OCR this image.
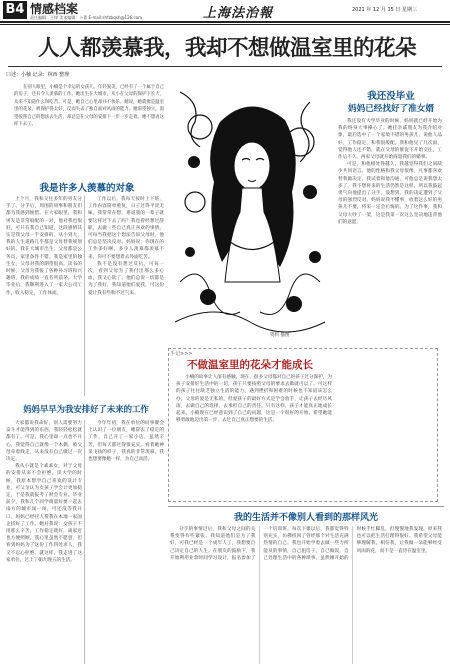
B4 情感档案
责任编辑：王律 美术编辑：卜菁 E-mail:shfzbqxh@126.com	上海法治報	2021 年 12 月 15 日 星期三
人人都羡慕我，我却不想做温室里的花朵
口述：小楠 记录：林西 整理

在别人眼里，小楠是个幸运的女孩儿。年轻貌美，已经有了一个属于自己的房子，还有令人羡慕的工作。她出生在大城市，从小在父母的保护下长大，从来不知道什么叫吃苦。可是，她自己心里却并不快乐。她说，她就像是温室里的花朵，被保护得太好，反而失去了独自面对风雨的能力。她渴望独立，渴望按照自己的想法去生活，却总是在父母的安排下一步一步走着。她不想再这样下去了。

我是许多人羡慕的对象

上个月，我和交往多年的男友分手了。分手后，周围的同事和朋友们都为我感到惋惜。在大家眼里，我和男友是非常般配的一对，他对我也很好，可只有我自己知道，这段感情其实是我父母一手安排的。从小到大，我的人生道路几乎都是父母替我规划好的。我在大城市出生，父母都是公务员，家里条件不错。我是家里的独生女，父母对我的期望很高。读书的时候，父母为我报了各种补习班和兴趣班，我的成绩一直名列前茅。大学毕业后，我顺利进入了一家大公司工作，收入稳定，工作体面。

工作以后，我每天按时上下班，工作内容简单重复，日子过得平淡无味。我常常在想，难道我的一辈子就要这样过下去了吗？我也曾经想过辞职，去做一些自己真正喜欢的事情，可每当我把这个想法告诉父母时，他们总是坚决反对。妈妈说：你现在的工作多好啊，多少人羡慕都羡慕不来，你可不要想着去外面吃苦。

我不是没有想过反抗，可每一次，看到父母为了我付出那么多心血，我又心软了。他们总说一切都是为了我好，我知道他们爱我，可这份爱让我有些喘不过气来。

妈妈早早为我安排好了未来的工作

大家都说我命好，别人需要努力奋斗才能得到的东西，我轻轻松松就都有了。可是，我心里却一点也不开心。我觉得自己就像一个木偶，被父母牵着线走，从来没有自己做过一次决定。

我从小就是个乖乖女，对于父母的安排从来不会拒绝。读大学的时候，我原本想学自己喜欢的设计专业，可父亲认为女孩子学会计更加稳定，于是我就报考了财会专业。毕业前夕，我和几个同学商量好要一起去南方的城市闯一闯，可还没等我开口，妈妈已经托人帮我在本地一家国企找好了工作。她对我说：女孩子不用那么辛苦，工作稳定就好，离家近也方便照顾。我心里虽然不愿意，但看到妈妈为了这份工作四处求人，我又不忍心拒绝。就这样，我走进了这家单位，过上了朝九晚五的生活。

今年年初，我在单位的同事聚会上认识了一位朋友，她辞去了稳定的工作，自己开了一家小店，虽然辛苦，但每天都过得很充实。看着她神采飞扬的样子，我真的非常羡慕。我也想要像她一样，为自己而活。

资料 插图
我还没毕业
妈妈已经找好了准女婿

我还没有大学毕业的时候，妈妈就已经开始为我的终身大事操心了。她托亲戚朋友为我介绍对象，最后选中了一个家境不错的男孩儿，说他人品好，工作稳定，和我很般配。我和他见了几次面，觉得他人还不错，就在父母的催促下开始交往。工作后不久，两家父母就开始商量我们的婚事。

可是，和他相处得越久，我越觉得我们之间缺少共同语言。他的性格和我父母很像，凡事都喜欢替我做决定。我试着和他沟通，可他总是说我想太多了。我不想将来的生活仍然是这样，所以我鼓起勇气向他提出了分手。没想到，我的决定遭到了父母的强烈反对。妈妈说我不懂事，放着这么好的男孩儿不要，将来一定会后悔的。为了这件事，我和父母大吵了一架，这是我第一次这么坚决地违背他们的意愿。

手记>>>
不做温室里的花朵才能成长

小楠的故事让人深有感触。现在，很多父母都对自己的孩子过分保护，为孩子安排好生活中的一切，孩子只要按照父母的要求去做就可以了。可这样的孩子往往缺乏独立生活的能力，遇到挫折和困难的时候也不知道该怎么办。父母的爱是无私的，但爱孩子的最好方式是学会放手，让孩子去经历风雨，去做自己的选择，去承担自己的责任。只有这样，孩子才能真正地成长起来。小楠现在已经意识到了自己的问题，这是一个很好的开始。希望她能够勇敢地迈出第一步，去过自己真正想要的生活。

我的生活并不像别人看到的那样风光

分手的事情过后，我和父母之间的关系变得有些紧张。我知道他们是为了我好，可我已经是一个成年人了，我想要自己决定自己的人生。在朋友的鼓励下，我开始利用业余时间学习设计，报名参加了一个培训班。每次下课以后，我都觉得特别充实，仿佛找回了曾经那个对生活充满热情的自己。我也开始学着去做一些力所能及的事情，自己租房子，自己做饭，自己处理生活中的各种琐事。虽然刚开始的时候手忙脚乱，但慢慢地我发现，原来我也可以把生活打理得很好。我希望父母能够理解我，相信我，让我做一朵能够经受风雨的花，而不是一直待在温室里。
